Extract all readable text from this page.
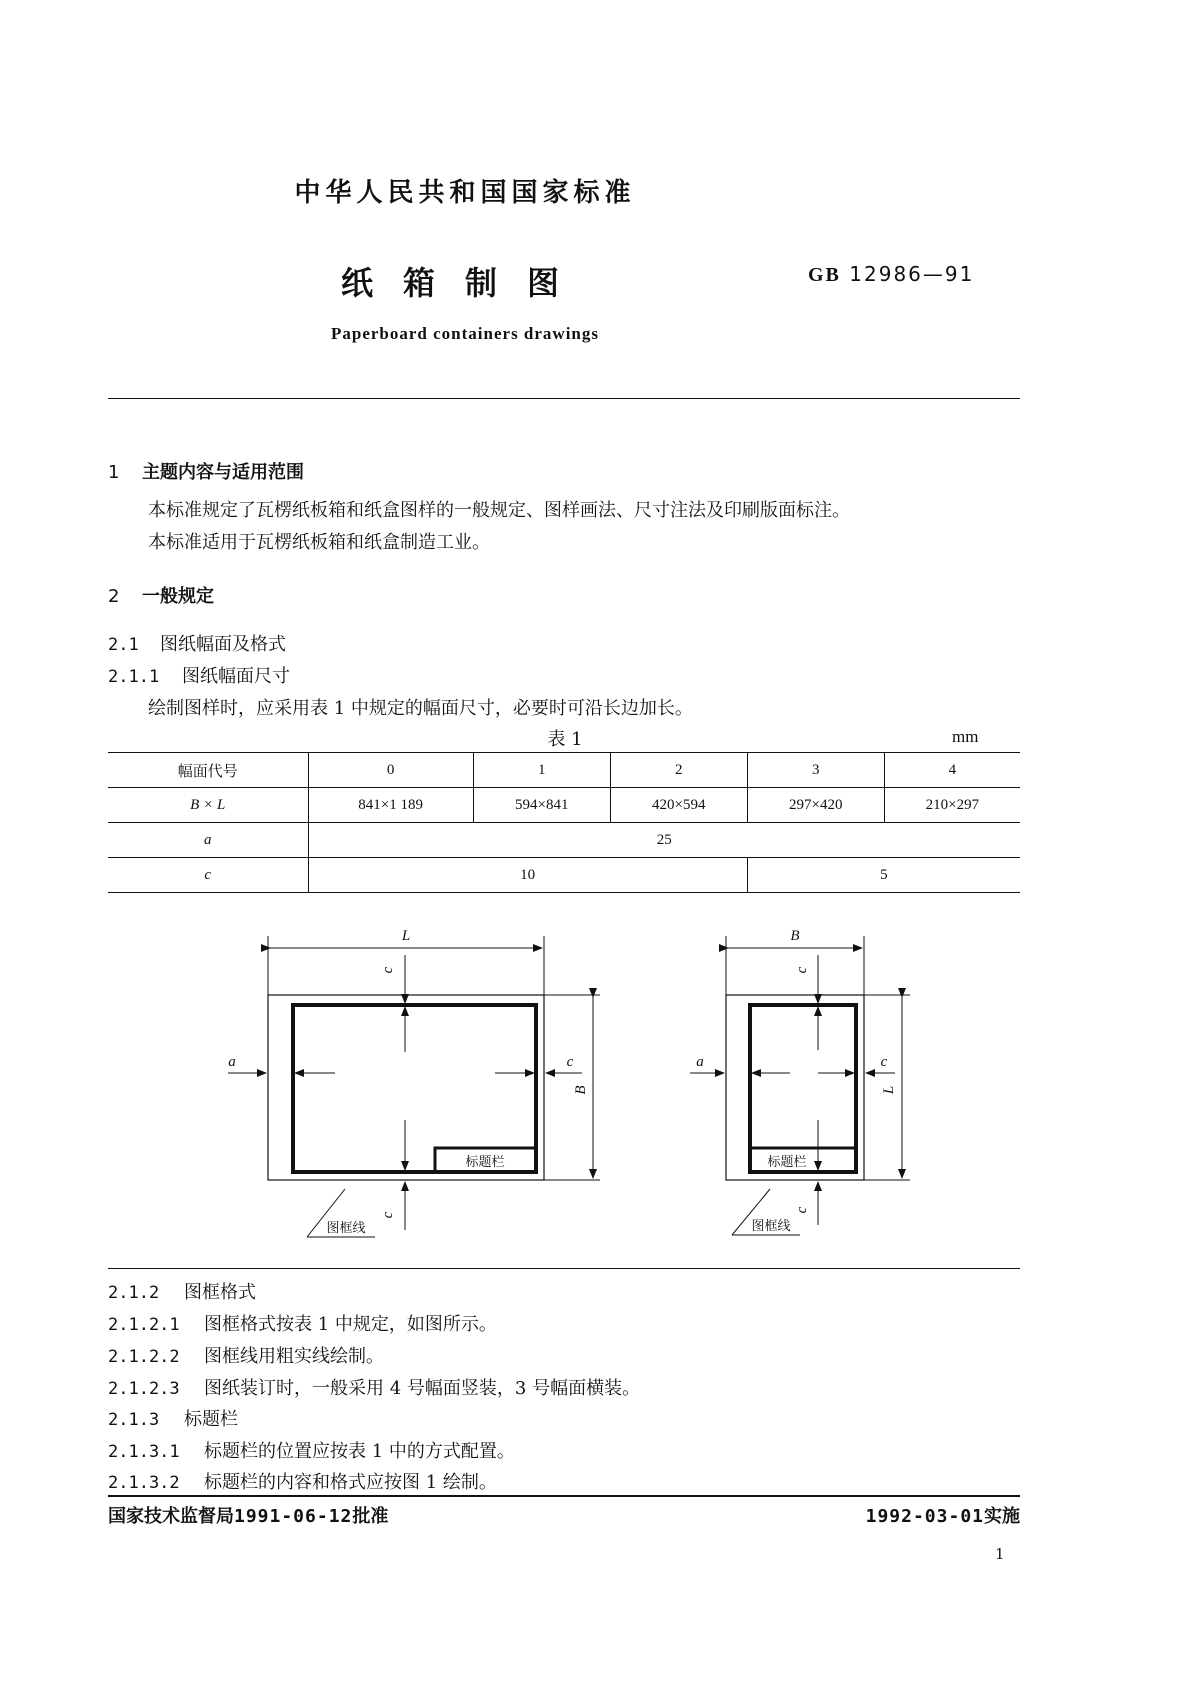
中华人民共和国国家标准
纸箱制图	GB 12986—91
Paperboard containers drawings
1 主题内容与适用范围
本标准规定了瓦楞纸板箱和纸盒图样的一般规定、图样画法、尺寸注法及印刷版面标注。
本标准适用于瓦楞纸板箱和纸盒制造工业。
2 一般规定
2.1 图纸幅面及格式
2.1.1 图纸幅面尺寸
绘制图样时，应采用表 1 中规定的幅面尺寸，必要时可沿长边加长。
表 1	mm
幅面代号	0	1	2	3	4
B × L	841×1 189	594×841	420×594	297×420	210×297
a	25				
c	10			5	
L
c
a	c
B
c
标题栏
图框线
B
c
a	c
L
c
标题栏
图框线
2.1.2 图框格式
2.1.2.1 图框格式按表 1 中规定，如图所示。
2.1.2.2 图框线用粗实线绘制。
2.1.2.3 图纸装订时，一般采用 4 号幅面竖装，3 号幅面横装。
2.1.3 标题栏
2.1.3.1 标题栏的位置应按表 1 中的方式配置。
2.1.3.2 标题栏的内容和格式应按图 1 绘制。
国家技术监督局1991-06-12批准	1992-03-01实施
1
